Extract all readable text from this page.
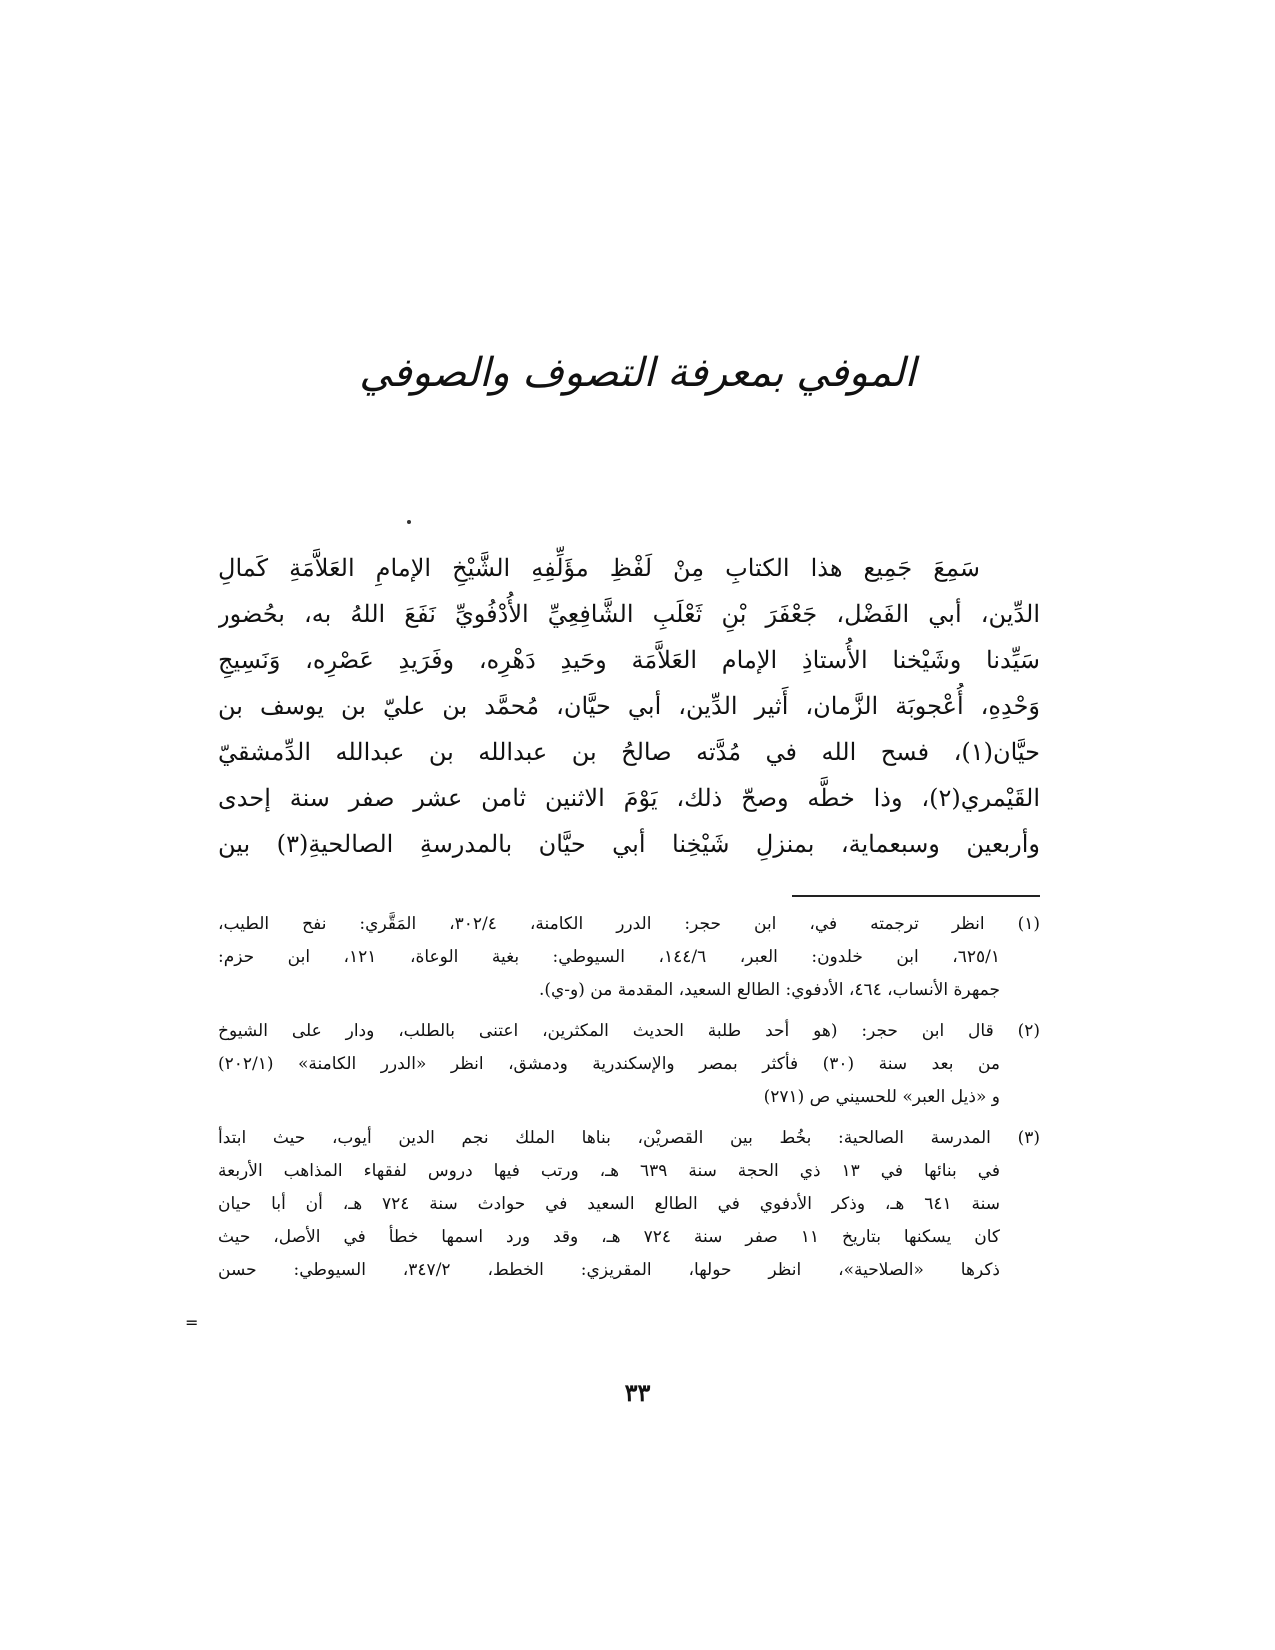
الموفي بمعرفة التصوف والصوفي
سَمِعَ جَمِيع هذا الكتابِ مِنْ لَفْظِ مؤَلِّفِهِ الشَّيْخِ الإمامِ العَلاَّمَةِ كَمالِ
الدِّين، أبي الفَضْل، جَعْفَرَ بْنِ ثَعْلَبِ الشَّافِعِيِّ الأُدْفُويِّ نَفَعَ اللهُ به، بحُضور
سَيِّدنا وشَيْخنا الأُستاذِ الإمام العَلاَّمَة وحَيدِ دَهْرِه، وفَرَيدِ عَصْرِه، وَنَسِيجِ
وَحْدِهِ، أُعْجوبَة الزَّمان، أَثير الدِّين، أبي حيَّان، مُحمَّد بن عليّ بن يوسف بن
حيَّان(١)، فسح الله في مُدَّته صالحُ بن عبدالله بن عبدالله الدِّمشقيّ
القَيْمري(٢)، وذا خطَّه وصحّ ذلك، يَوْمَ الاثنين ثامن عشر صفر سنة إحدى
وأربعين وسبعماية، بمنزلِ شَيْخِنا أبي حيَّان بالمدرسةِ الصالحيةِ(٣) بين
(١) انظر ترجمته في، ابن حجر: الدرر الكامنة، ٣٠٢/٤، المَقَّري: نفح الطيب،
٦٢٥/١، ابن خلدون: العبر، ١٤٤/٦، السيوطي: بغية الوعاة، ١٢١، ابن حزم:
جمهرة الأنساب، ٤٦٤، الأدفوي: الطالع السعيد، المقدمة من (و-ي).
(٢) قال ابن حجر: (هو أحد طلبة الحديث المكثرين، اعتنى بالطلب، ودار على الشيوخ
من بعد سنة (٣٠) فأكثر بمصر والإسكندرية ودمشق، انظر «الدرر الكامنة» (٢٠٢/١)
و «ذيل العبر» للحسيني ص (٢٧١)
(٣) المدرسة الصالحية: بخُط بين القصريْن، بناها الملك نجم الدين أيوب، حيث ابتدأ
في بنائها في ١٣ ذي الحجة سنة ٦٣٩ هـ، ورتب فيها دروس لفقهاء المذاهب الأربعة
سنة ٦٤١ هـ، وذكر الأدفوي في الطالع السعيد في حوادث سنة ٧٢٤ هـ، أن أبا حيان
كان يسكنها بتاريخ ١١ صفر سنة ٧٢٤ هـ، وقد ورد اسمها خطأ في الأصل، حيث
ذكرها «الصلاحية»، انظر حولها، المقريزي: الخطط، ٣٤٧/٢، السيوطي: حسن
=
٣٣
